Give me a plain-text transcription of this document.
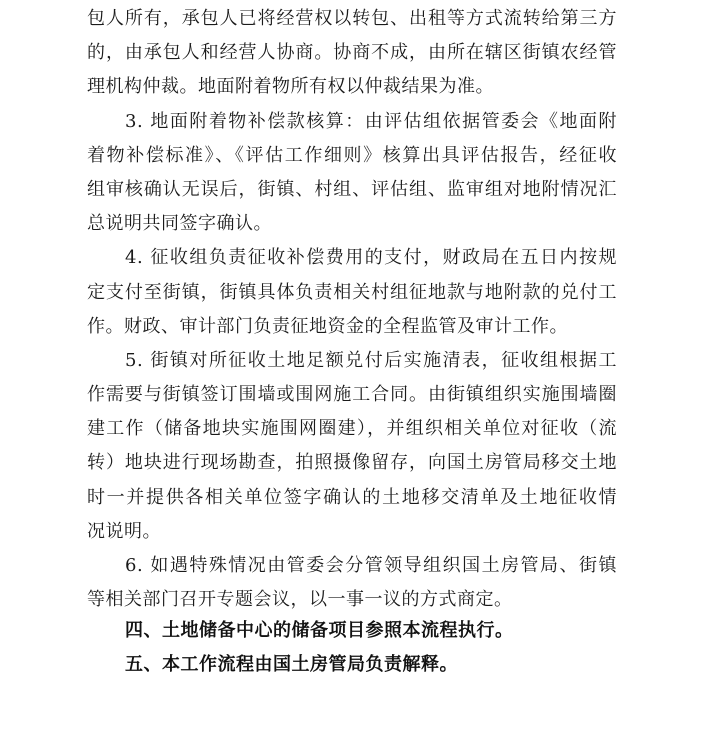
包人所有，承包人已将经营权以转包、出租等方式流转给第三方
的，由承包人和经营人协商。协商不成，由所在辖区街镇农经管
理机构仲裁。地面附着物所有权以仲裁结果为准。
3. 地面附着物补偿款核算：由评估组依据管委会《地面附
着物补偿标准》、《评估工作细则》核算出具评估报告，经征收
组审核确认无误后，街镇、村组、评估组、监审组对地附情况汇
总说明共同签字确认。
4. 征收组负责征收补偿费用的支付，财政局在五日内按规
定支付至街镇，街镇具体负责相关村组征地款与地附款的兑付工
作。财政、审计部门负责征地资金的全程监管及审计工作。
5. 街镇对所征收土地足额兑付后实施清表，征收组根据工
作需要与街镇签订围墙或围网施工合同。由街镇组织实施围墙圈
建工作（储备地块实施围网圈建），并组织相关单位对征收（流
转）地块进行现场勘查，拍照摄像留存，向国土房管局移交土地
时一并提供各相关单位签字确认的土地移交清单及土地征收情
况说明。
6. 如遇特殊情况由管委会分管领导组织国土房管局、街镇
等相关部门召开专题会议，以一事一议的方式商定。
四、土地储备中心的储备项目参照本流程执行。
五、本工作流程由国土房管局负责解释。
